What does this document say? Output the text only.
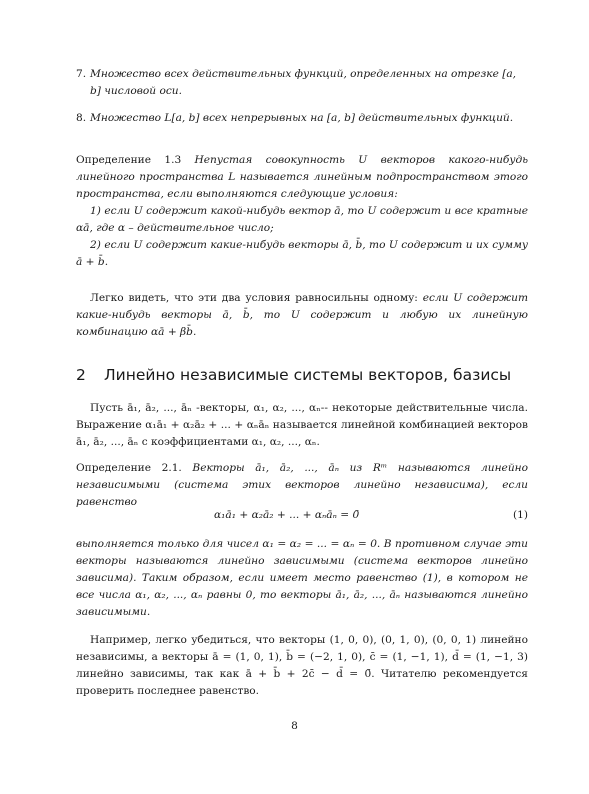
7. Множество всех действительных функций, определенных на отрезке [a, b] числовой оси.
8. Множество L[a, b] всех непрерывных на [a, b] действительных функций.

Определение 1.3 Непустая совокупность U векторов какого-нибудь линейного пространства L называется линейным подпространством этого пространства, если выполняются следующие условия:

1) если U содержит какой-нибудь вектор ā, то U содержит и все кратные αā, где α – действительное число;

2) если U содержит какие-нибудь векторы ā, b̄, то U содержит и их сумму ā + b̄.

Легко видеть, что эти два условия равносильны одному: если U содержит какие-нибудь векторы ā, b̄, то U содержит и любую их линейную комбинацию αā + βb̄.
2 Линейно независимые системы векторов, базисы
Пусть ā₁, ā₂, ..., āₙ -векторы, α₁, α₂, ..., αₙ-- некоторые действительные числа. Выражение α₁ā₁ + α₂ā₂ + ... + αₙāₙ называется линейной комбинацией векторов ā₁, ā₂, ..., āₙ с коэффициентами α₁, α₂, ..., αₙ.
Определение 2.1. Векторы ā₁, ā₂, ..., āₙ из Rᵐ называются линейно независимыми (система этих векторов линейно независима), если равенство
α₁ā₁ + α₂ā₂ + ... + αₙāₙ = 0̄	(1)
выполняется только для чисел α₁ = α₂ = ... = αₙ = 0. В противном случае эти векторы называются линейно зависимыми (система векторов линейно зависима). Таким образом, если имеет место равенство (1), в котором не все числа α₁, α₂, ..., αₙ равны 0, то векторы ā₁, ā₂, ..., āₙ называются линейно зависимыми.
Например, легко убедиться, что векторы (1, 0, 0), (0, 1, 0), (0, 0, 1) линейно независимы, а векторы ā = (1, 0, 1), b̄ = (−2, 1, 0), c̄ = (1, −1, 1), d̄ = (1, −1, 3) линейно зависимы, так как ā + b̄ + 2c̄ − d̄ = 0̄. Читателю рекомендуется проверить последнее равенство.
8
